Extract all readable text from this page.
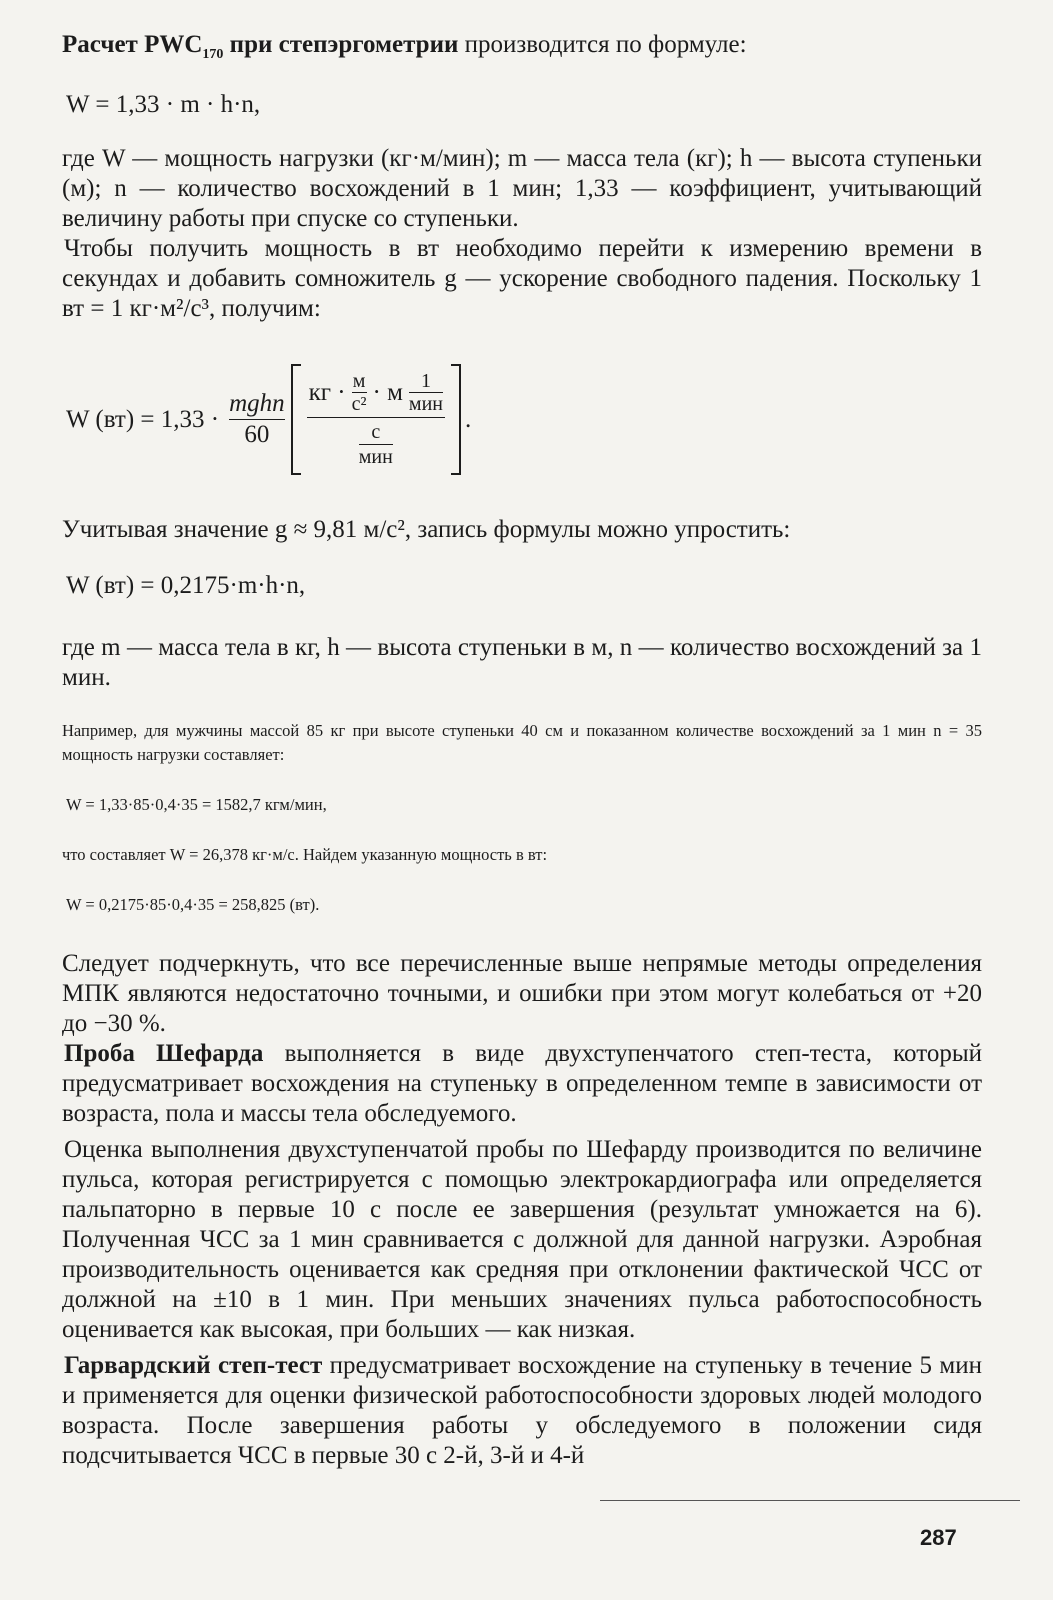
Расчет $PWC_{170}$ при степэргометрии производится по формуле:

W = 1,33 · m · h·n,

где W — мощность нагрузки (кг·м/мин); m — масса тела (кг); h — высота ступеньки (м); n — количество восхождений в 1 мин; 1,33 — коэффициент, учитывающий величину работы при спуске со ступеньки.

Чтобы получить мощность в вт необходимо перейти к измерению времени в секундах и добавить сомножитель g — ускорение свободного падения. Поскольку 1 вт = 1 кг·м²/с³, получим:

W $(вт) = 1,33 \cdot \frac{\text{mghn}}{60} \frac{кг \cdot \frac{м}{\text{с²}} \cdot м \frac{1}{\text{мин}}}{\frac{с}{\text{мин}}}$ .

Учитывая значение g ≈ 9,81 м/с², запись формулы можно упростить:

W (вт) = 0,2175·m·h·n,

где m — масса тела в кг, h — высота ступеньки в м, n — количество восхождений за 1 мин.

Например, для мужчины массой 85 кг при высоте ступеньки 40 см и показанном количестве восхождений за 1 мин n = 35 мощность нагрузки составляет:

W = 1,33·85·0,4·35 = 1582,7 кгм/мин,

что составляет W = 26,378 кг·м/с. Найдем указанную мощность в вт:

W = 0,2175·85·0,4·35 = 258,825 (вт).

Следует подчеркнуть, что все перечисленные выше непрямые методы определения МПК являются недостаточно точными, и ошибки при этом могут колебаться от +20 до −30 %.

Проба Шефарда выполняется в виде двухступенчатого степ-теста, который предусматривает восхождения на ступеньку в определенном темпе в зависимости от возраста, пола и массы тела обследуемого.

Оценка выполнения двухступенчатой пробы по Шефарду производится по величине пульса, которая регистрируется с помощью электрокардиографа или определяется пальпаторно в первые 10 с после ее завершения (результат умножается на 6). Полученная ЧСС за 1 мин сравнивается с должной для данной нагрузки. Аэробная производительность оценивается как средняя при отклонении фактической ЧСС от должной на ±10 в 1 мин. При меньших значениях пульса работоспособность оценивается как высокая, при больших — как низкая.

Гарвардский степ-тест предусматривает восхождение на ступеньку в течение 5 мин и применяется для оценки физической работоспособности здоровых людей молодого возраста. После завершения работы у обследуемого в положении сидя подсчитывается ЧСС в первые 30 с 2-й, 3-й и 4-й

287
